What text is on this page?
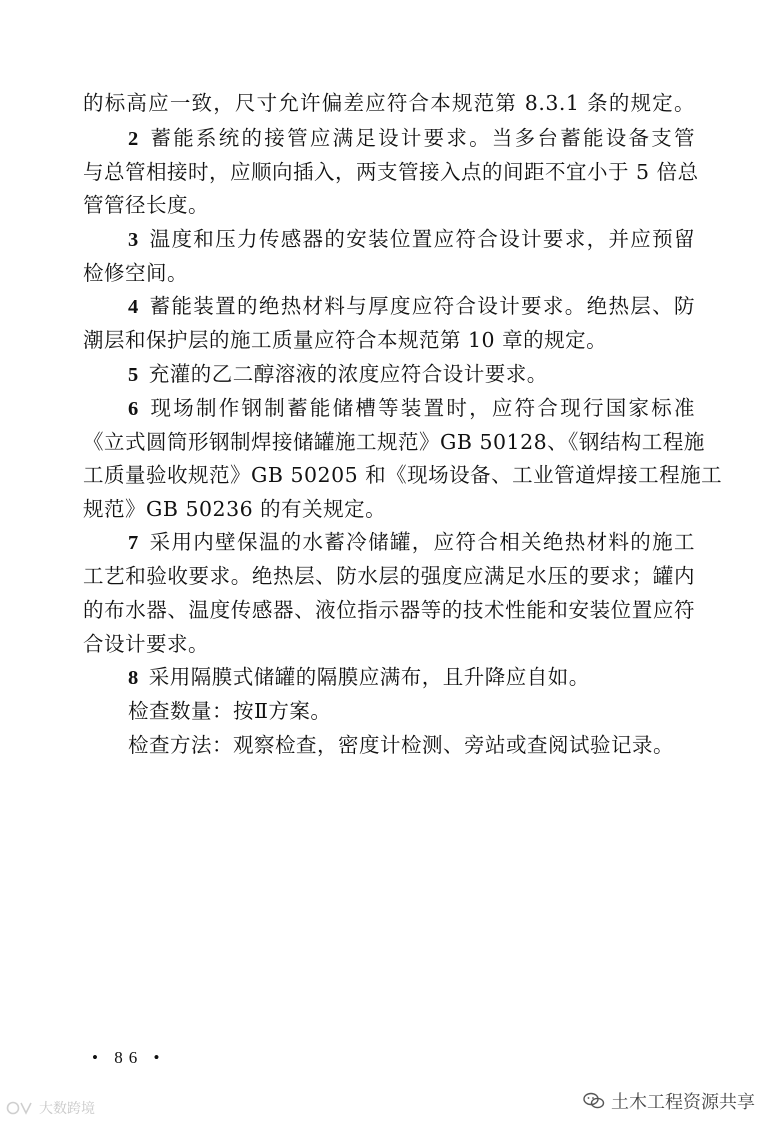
的标高应一致，尺寸允许偏差应符合本规范第 8.3.1 条的规定。
2 蓄能系统的接管应满足设计要求。当多台蓄能设备支管
与总管相接时，应顺向插入，两支管接入点的间距不宜小于 5 倍总
管管径长度。
3 温度和压力传感器的安装位置应符合设计要求，并应预留
检修空间。
4 蓄能装置的绝热材料与厚度应符合设计要求。绝热层、防
潮层和保护层的施工质量应符合本规范第 10 章的规定。
5 充灌的乙二醇溶液的浓度应符合设计要求。
6 现场制作钢制蓄能储槽等装置时，应符合现行国家标准
《立式圆筒形钢制焊接储罐施工规范》GB 50128、《钢结构工程施
工质量验收规范》GB 50205 和《现场设备、工业管道焊接工程施工
规范》GB 50236 的有关规定。
7 采用内壁保温的水蓄冷储罐，应符合相关绝热材料的施工
工艺和验收要求。绝热层、防水层的强度应满足水压的要求；罐内
的布水器、温度传感器、液位指示器等的技术性能和安装位置应符
合设计要求。
8 采用隔膜式储罐的隔膜应满布，且升降应自如。
检查数量：按Ⅱ方案。
检查方法：观察检查，密度计检测、旁站或查阅试验记录。
• 86 •
土木工程资源共享
大数跨境
